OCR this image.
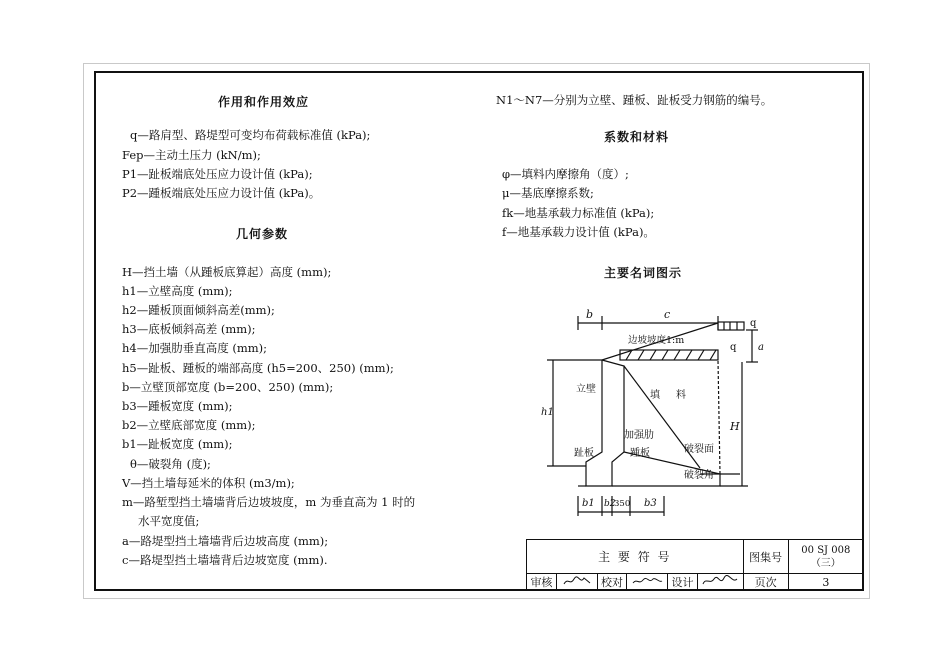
作用和作用效应
q—路肩型、路堤型可变均布荷载标准值 (kPa);
Fep—主动土压力 (kN/m);
P1—趾板端底处压应力设计值 (kPa);
P2—踵板端底处压应力设计值 (kPa)。
几何参数
H—挡土墙（从踵板底算起）高度 (mm);
h1—立壁高度 (mm);
h2—踵板顶面倾斜高差(mm);
h3—底板倾斜高差 (mm);
h4—加强肋垂直高度 (mm);
h5—趾板、踵板的端部高度 (h5=200、250) (mm);
b—立壁顶部宽度 (b=200、250) (mm);
b3—踵板宽度 (mm);
b2—立壁底部宽度 (mm);
b1—趾板宽度 (mm);
θ—破裂角 (度);
V—挡土墙每延米的体积 (m3/m);
m—路堑型挡土墙墙背后边坡坡度，m 为垂直高为 1 时的
水平宽度值;
a—路堤型挡土墙墙背后边坡高度 (mm);
c—路堤型挡土墙墙背后边坡宽度 (mm).
N1～N7—分别为立壁、踵板、趾板受力钢筋的编号。
系数和材料
φ—填料内摩擦角（度）;
μ—基底摩擦系数;
fk—地基承载力标准值 (kPa);
f—地基承载力设计值 (kPa)。
主要名词图示
b	c
q
q a
边坡坡度1:m
立壁
填 料
加强肋
踵板
趾板
h1
H
破裂面
破裂角
b1 b2
350 b3
主 要 符 号						图集号	00 SJ 008
（三）

审核		校对		设计		页次	3
